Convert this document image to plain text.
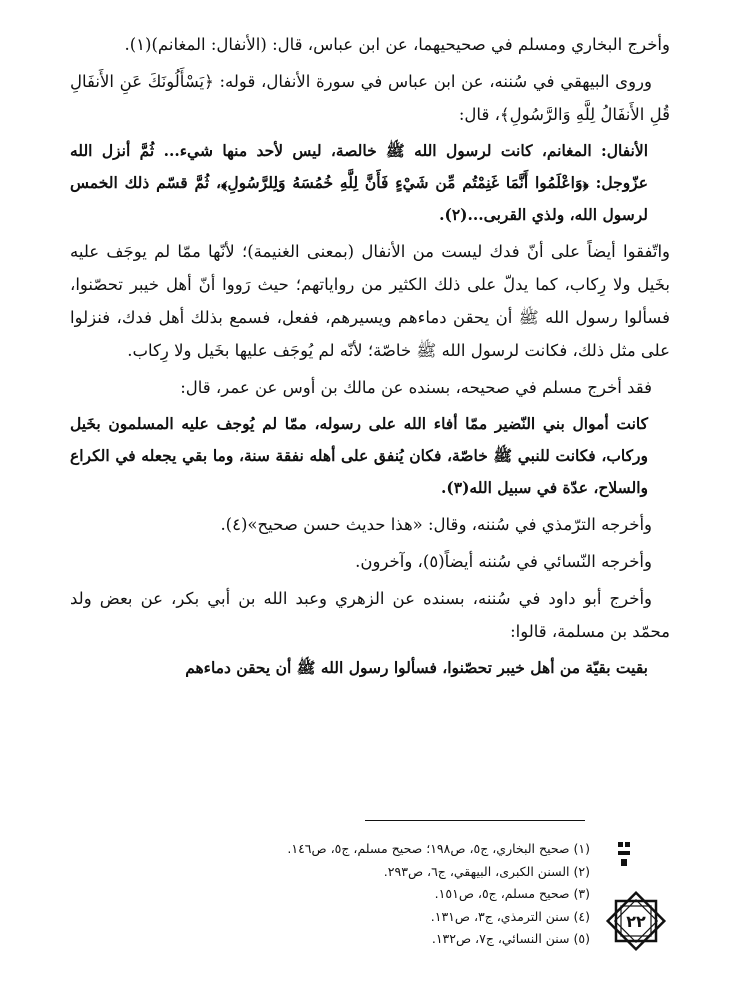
وأخرج البخاري ومسلم في صحيحيهما، عن ابن عباس، قال: (الأنفال: المغانم)(١).

وروى البيهقي في سُننه، عن ابن عباس في سورة الأنفال، قوله: ﴿يَسْأَلُونَكَ عَنِ الأَنفَالِ قُلِ الأَنفَالُ لِلَّهِ وَالرَّسُولِ﴾، قال:

الأنفال: المغانم، كانت لرسول الله ﷺ خالصة، ليس لأحد منها شيء... ثُمَّ أنزل الله عزّوجل: ﴿وَاعْلَمُوا أَنَّمَا غَنِمْتُم مِّن شَيْءٍ فَأَنَّ لِلَّهِ خُمُسَهُ وَلِلرَّسُولِ﴾، ثُمَّ قسّم ذلك الخمس لرسول الله، ولذي القربى...(٢).

واتّفقوا أيضاً على أنّ فدك ليست من الأنفال (بمعنى الغنيمة)؛ لأنّها ممّا لم يوجَف عليه بخَيل ولا رِكاب، كما يدلّ على ذلك الكثير من رواياتهم؛ حيث رَووا أنّ أهل خيبر تحصّنوا، فسألوا رسول الله ﷺ أن يحقن دماءهم ويسيرهم، ففعل، فسمع بذلك أهل فدك، فنزلوا على مثل ذلك، فكانت لرسول الله ﷺ خاصّة؛ لأنّه لم يُوجَف عليها بخَيل ولا رِكاب.

فقد أخرج مسلم في صحيحه، بسنده عن مالك بن أوس عن عمر، قال:

كانت أموال بني النّضير ممّا أفاء الله على رسوله، ممّا لم يُوجف عليه المسلمون بخَيل وركاب، فكانت للنبي ﷺ خاصّة، فكان يُنفق على أهله نفقة سنة، وما بقي يجعله في الكراع والسلاح، عدّة في سبيل الله(٣).

وأخرجه الترّمذي في سُننه، وقال: «هذا حديث حسن صحيح»(٤).

وأخرجه النّسائي في سُننه أيضاً(٥)، وآخرون.

وأخرج أبو داود في سُننه، بسنده عن الزهري وعبد الله بن أبي بكر، عن بعض ولد محمّد بن مسلمة، قالوا:

بقيت بقيّة من أهل خيبر تحصّنوا، فسألوا رسول الله ﷺ أن يحقن دماءهم

(١) صحيح البخاري، ج٥، ص١٩٨؛ صحيح مسلم، ج٥، ص١٤٦.
(٢) السنن الكبرى، البيهقي، ج٦، ص٢٩٣.
(٣) صحيح مسلم، ج٥، ص١٥١.
(٤) سنن الترمذي، ج٣، ص١٣١.
(٥) سنن النسائي، ج٧، ص١٣٢.
٢٢
